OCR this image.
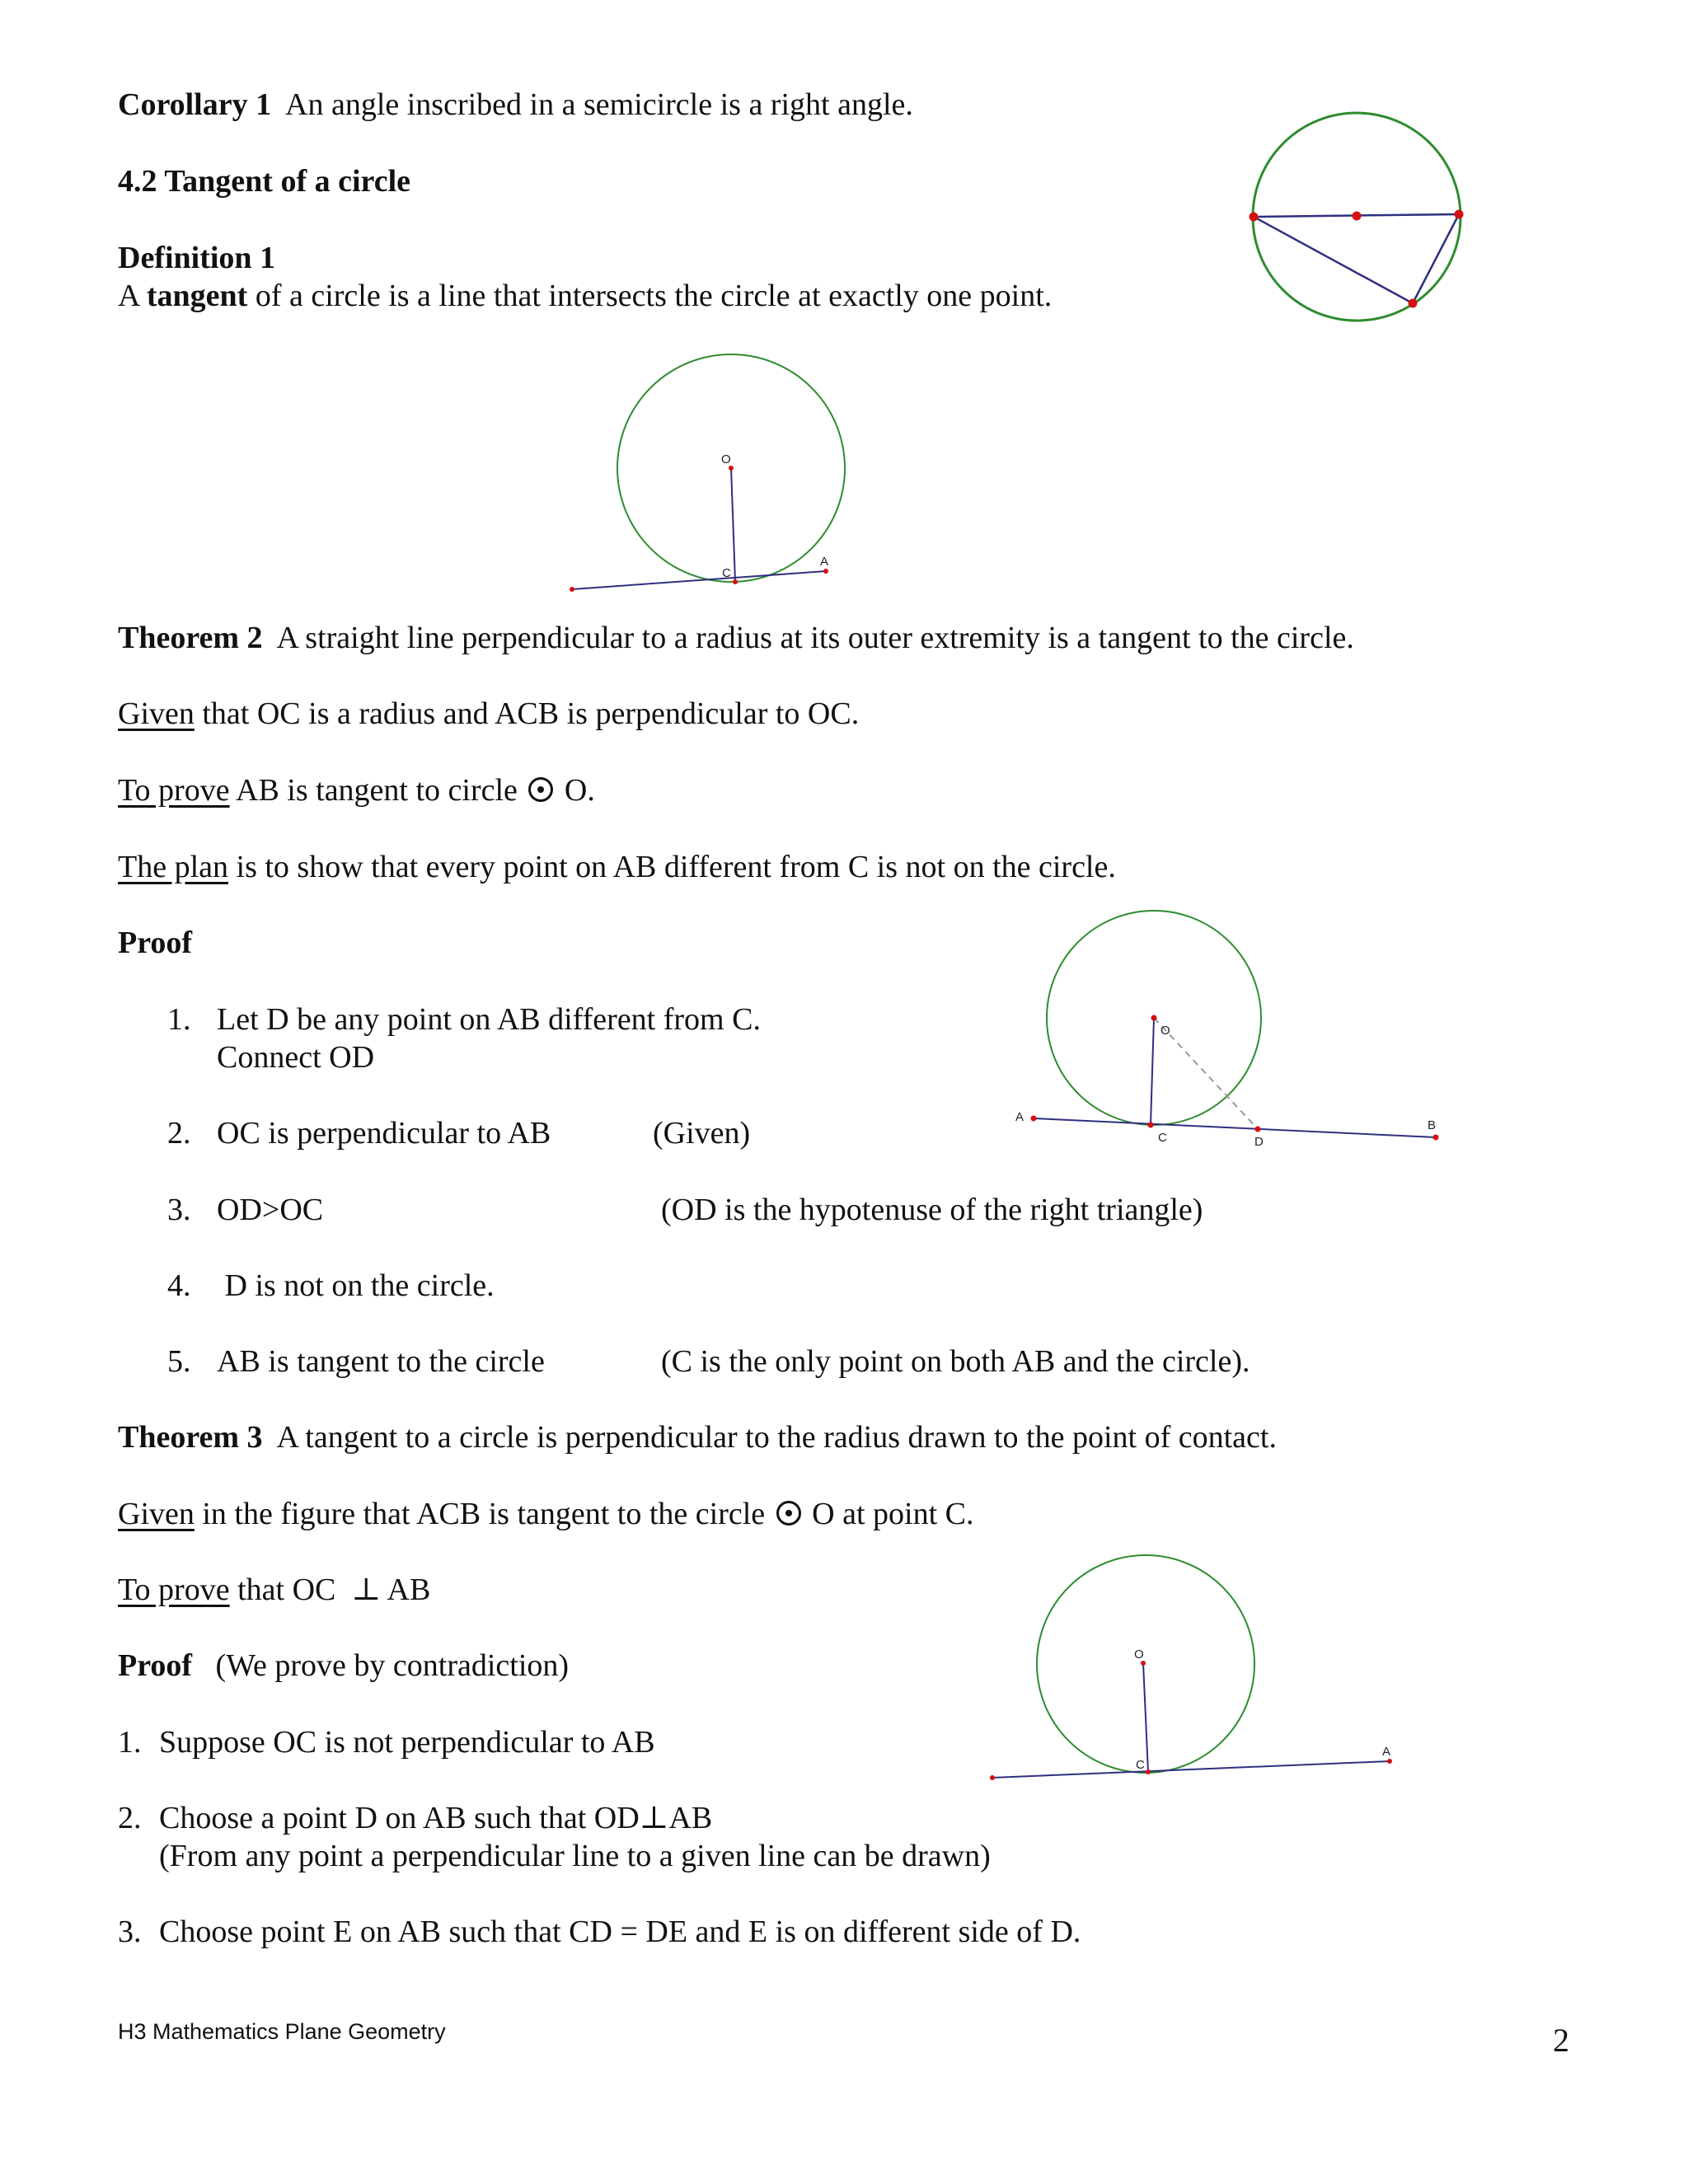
Corollary 1 An angle inscribed in a semicircle is a right angle.
4.2 Tangent of a circle
Definition 1
A tangent of a circle is a line that intersects the circle at exactly one point.
O
C
A
Theorem 2 A straight line perpendicular to a radius at its outer extremity is a tangent to the circle.
Given that OC is a radius and ACB is perpendicular to OC.
To prove AB is tangent to circle  O.
The plan is to show that every point on AB different from C is not on the circle.
Proof
1. Let D be any point on AB different from C.
Connect OD
2. OC is perpendicular to AB	(Given)
3. OD>OC	(OD is the hypotenuse of the right triangle)
4. D is not on the circle.
5. AB is tangent to the circle	(C is the only point on both AB and the circle).
O
A
C	D
B
Theorem 3 A tangent to a circle is perpendicular to the radius drawn to the point of contact.
Given in the figure that ACB is tangent to the circle  O at point C.
To prove that OC  ⊥ AB
Proof (We prove by contradiction)
1. Suppose OC is not perpendicular to AB
2. Choose a point D on AB such that OD⊥AB
(From any point a perpendicular line to a given line can be drawn)
3. Choose point E on AB such that CD = DE and E is on different side of D.
O
C
A
H3 Mathematics Plane Geometry	2
